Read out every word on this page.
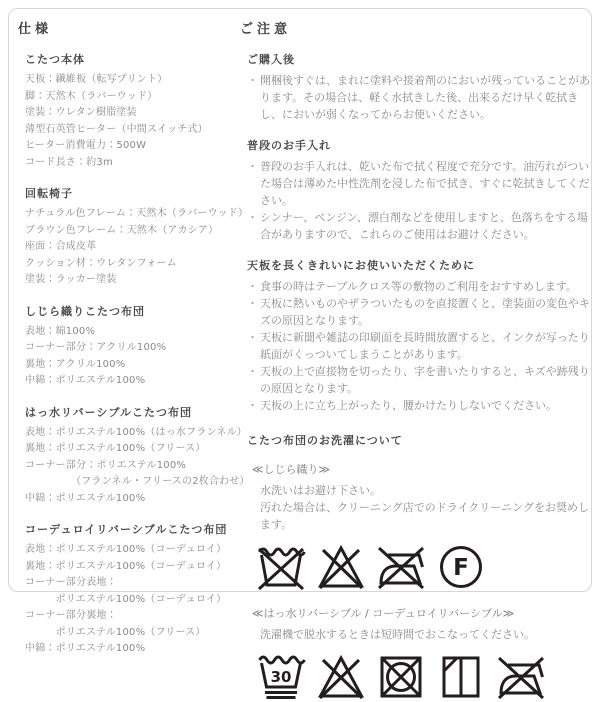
仕様
こたつ本体

天板：繊維板（転写プリント）

脚：天然木（ラバーウッド）

塗装：ウレタン樹脂塗装

薄型石英管ヒーター（中間スイッチ式）

ヒーター消費電力：500W

コード長さ：約3m

回転椅子

ナチュラル色フレーム：天然木（ラバーウッド）

ブラウン色フレーム：天然木（アカシア）

座面：合成皮革

クッション材：ウレタンフォーム

塗装：ラッカー塗装

しじら織りこたつ布団

表地：綿100%

コーナー部分：アクリル100%

裏地：アクリル100%

中綿：ポリエステル100%

はっ水リバーシブルこたつ布団

表地：ポリエステル100%（はっ水フランネル）

裏地：ポリエステル100%（フリース）

コーナー部分：ポリエステル100%

　　　　　（フランネル・フリースの2枚合わせ）

中綿：ポリエステル100%

コーデュロイリバーシブルこたつ布団

表地：ポリエステル100%（コーデュロイ）

裏地：ポリエステル100%（コーデュロイ）

コーナー部分表地：

　　　ポリエステル100%（コーデュロイ）

コーナー部分裏地：

　　　ポリエステル100%（フリース）

中綿：ポリエステル100%

ご注意
ご購入後
・ 開梱後すぐは、まれに塗料や接着剤のにおいが残っていることがあります。その場合は、軽く水拭きした後、出来るだけ早く乾拭きし、においが弱くなってからお使いください。
普段のお手入れ
・ 普段のお手入れは、乾いた布で拭く程度で充分です。油汚れがついた場合は薄めた中性洗剤を浸した布で拭き、すぐに乾拭きしてください。
・ シンナー、ベンジン、漂白剤などを使用しますと、色落ちをする場合がありますので、これらのご使用はお避けください。
天板を長くきれいにお使いいただくために
・ 食事の時はテーブルクロス等の敷物のご利用をおすすめします。
・ 天板に熱いものやザラついたものを直接置くと、塗装面の変色やキズの原因となります。
・ 天板に新聞や雑誌の印刷面を長時間放置すると、インクが写ったり紙面がくっついてしまうことがあります。
・ 天板の上で直接物を切ったり、字を書いたりすると、キズや跡残りの原因となります。
・ 天板の上に立ち上がったり、腰かけたりしないでください。
こたつ布団のお洗濯について

≪しじら織り≫

水洗いはお避け下さい。

汚れた場合は、クリーニング店でのドライクリーニングをお奨めします。

F

≪はっ水リバーシブル / コーデュロイリバーシブル≫

洗濯機で脱水するときは短時間でおこなってください。

30
